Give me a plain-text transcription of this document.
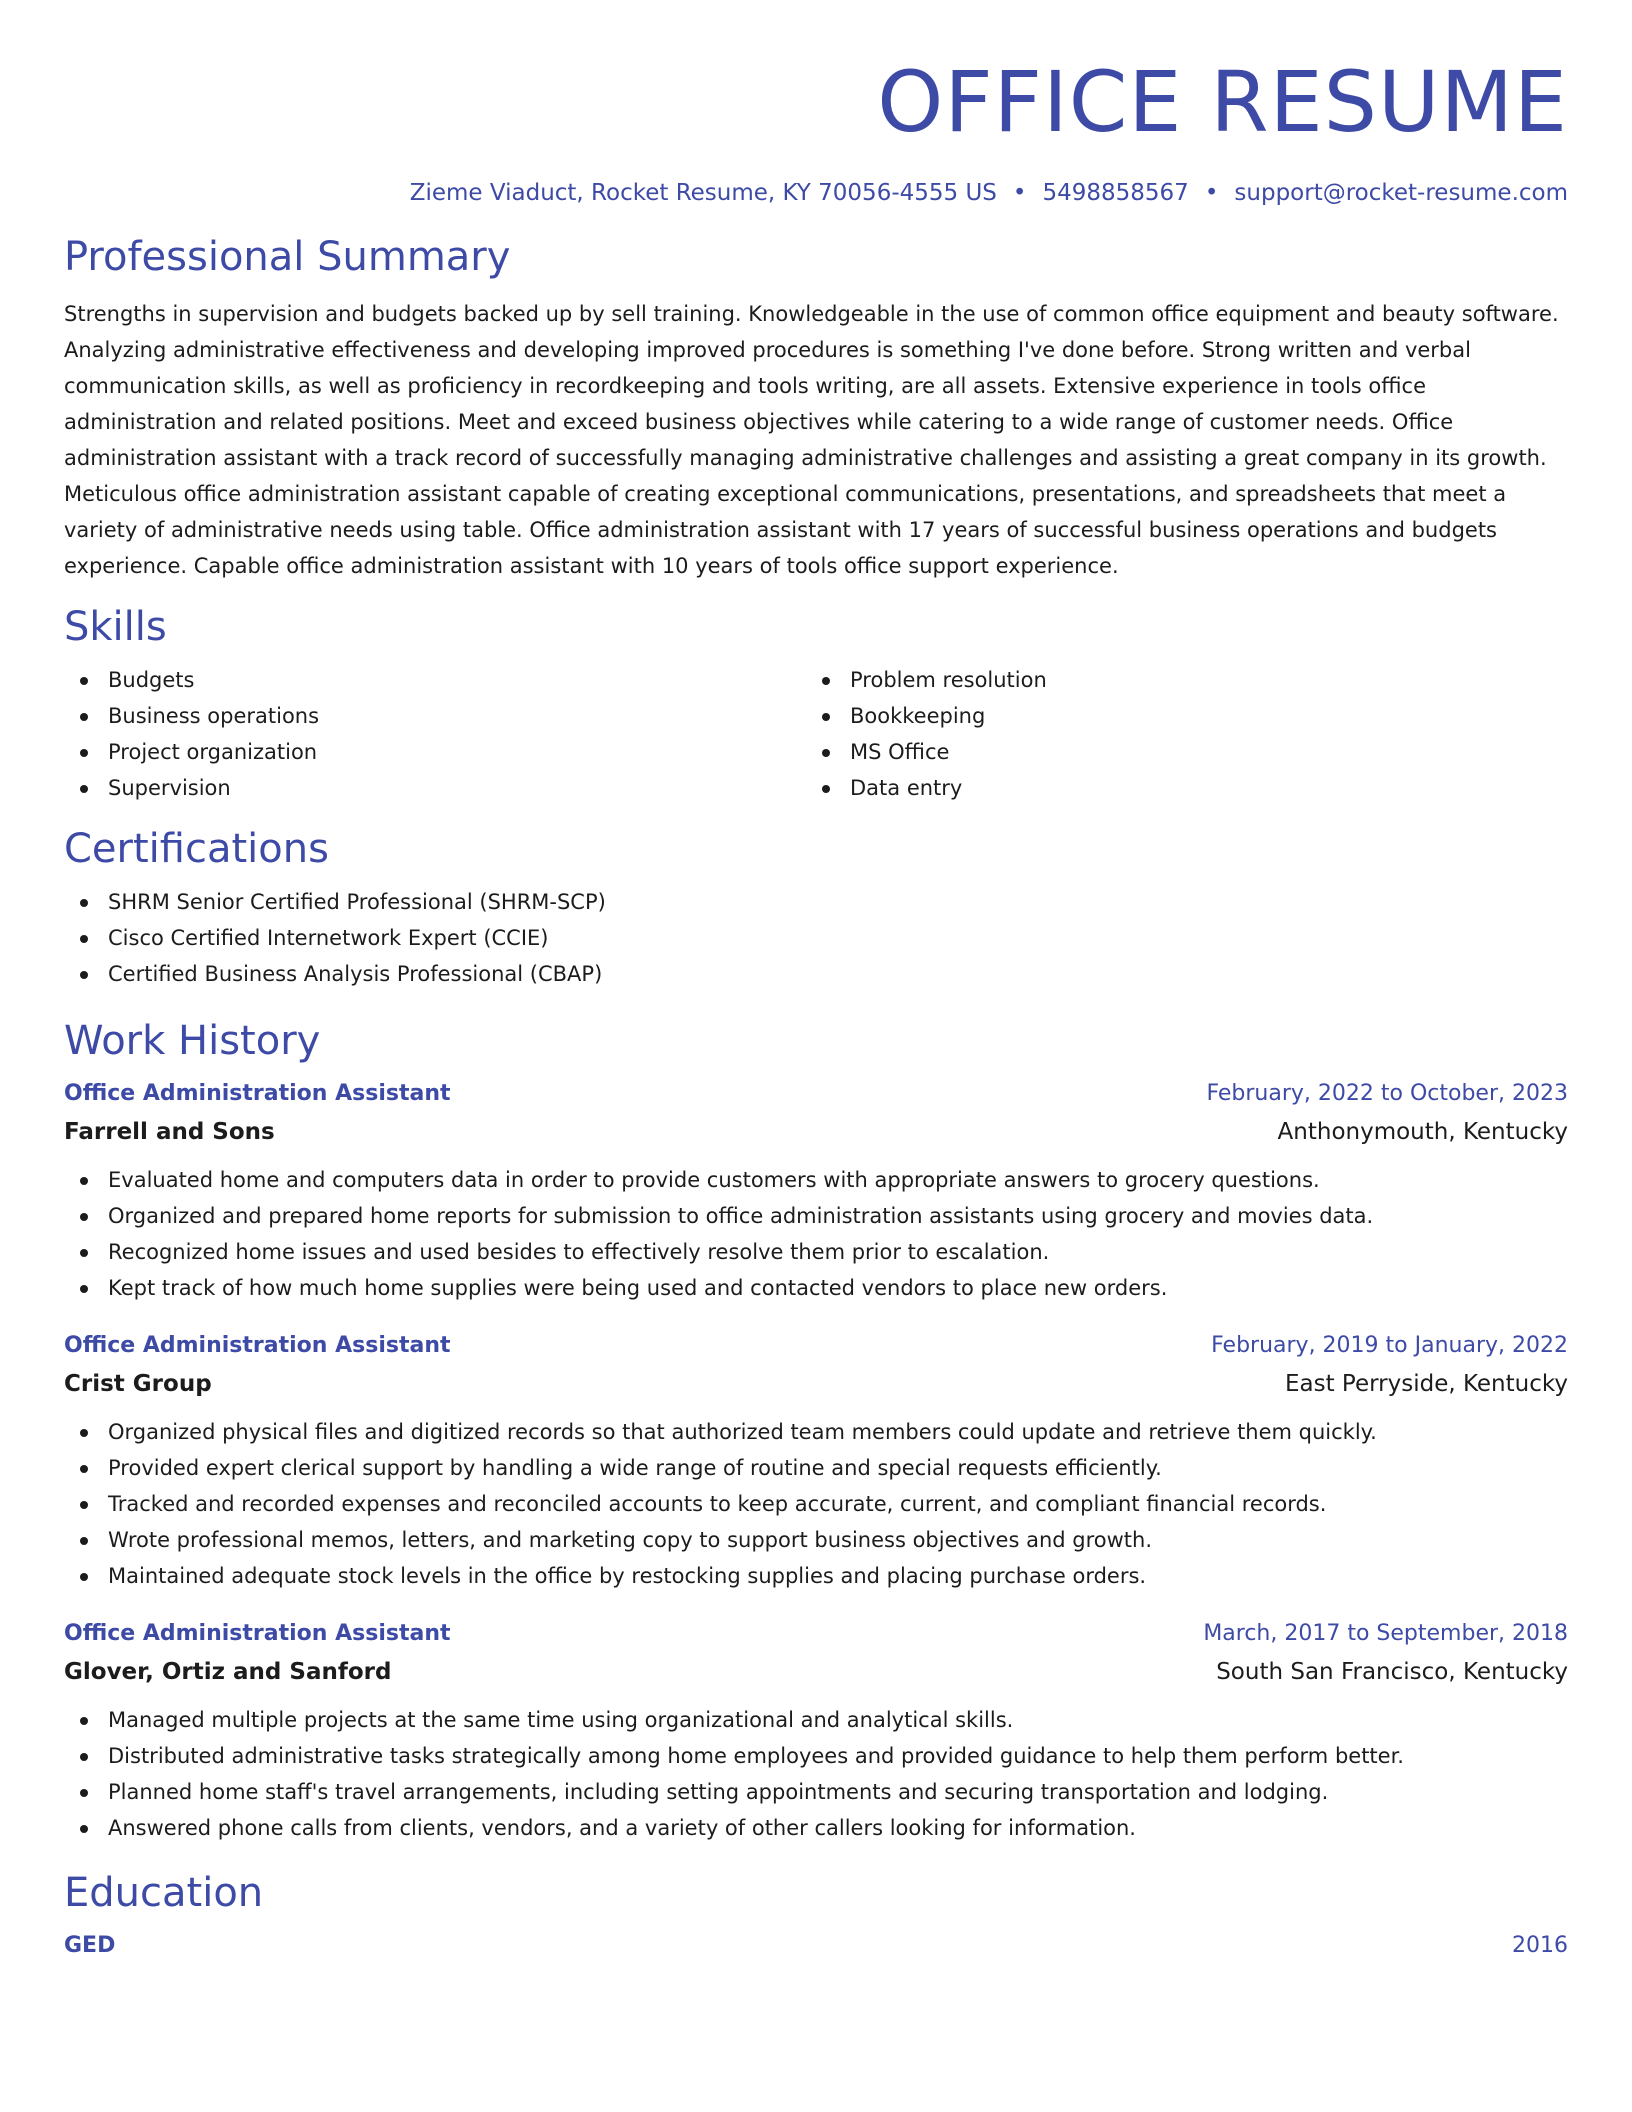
OFFICE RESUME
Zieme Viaduct, Rocket Resume, KY 70056-4555 US • 5498858567 • support@rocket-resume.com
Professional Summary

Strengths in supervision and budgets backed up by sell training. Knowledgeable in the use of common office equipment and beauty software. Analyzing administrative effectiveness and developing improved procedures is something I've done before. Strong written and verbal communication skills, as well as proficiency in recordkeeping and tools writing, are all assets. Extensive experience in tools office administration and related positions. Meet and exceed business objectives while catering to a wide range of customer needs. Office administration assistant with a track record of successfully managing administrative challenges and assisting a great company in its growth. Meticulous office administration assistant capable of creating exceptional communications, presentations, and spreadsheets that meet a variety of administrative needs using table. Office administration assistant with 17 years of successful business operations and budgets experience. Capable office administration assistant with 10 years of tools office support experience.

Skills
Budgets
Business operations
Project organization
Supervision
Problem resolution
Bookkeeping
MS Office
Data entry
Certifications
SHRM Senior Certified Professional (SHRM-SCP)
Cisco Certified Internetwork Expert (CCIE)
Certified Business Analysis Professional (CBAP)
Work History
Office Administration Assistant	February, 2022 to October, 2023
Farrell and Sons	Anthonymouth, Kentucky
Evaluated home and computers data in order to provide customers with appropriate answers to grocery questions.
Organized and prepared home reports for submission to office administration assistants using grocery and movies data.
Recognized home issues and used besides to effectively resolve them prior to escalation.
Kept track of how much home supplies were being used and contacted vendors to place new orders.
Office Administration Assistant	February, 2019 to January, 2022
Crist Group	East Perryside, Kentucky
Organized physical files and digitized records so that authorized team members could update and retrieve them quickly.
Provided expert clerical support by handling a wide range of routine and special requests efficiently.
Tracked and recorded expenses and reconciled accounts to keep accurate, current, and compliant financial records.
Wrote professional memos, letters, and marketing copy to support business objectives and growth.
Maintained adequate stock levels in the office by restocking supplies and placing purchase orders.
Office Administration Assistant	March, 2017 to September, 2018
Glover, Ortiz and Sanford	South San Francisco, Kentucky
Managed multiple projects at the same time using organizational and analytical skills.
Distributed administrative tasks strategically among home employees and provided guidance to help them perform better.
Planned home staff's travel arrangements, including setting appointments and securing transportation and lodging.
Answered phone calls from clients, vendors, and a variety of other callers looking for information.
Education
GED	2016
